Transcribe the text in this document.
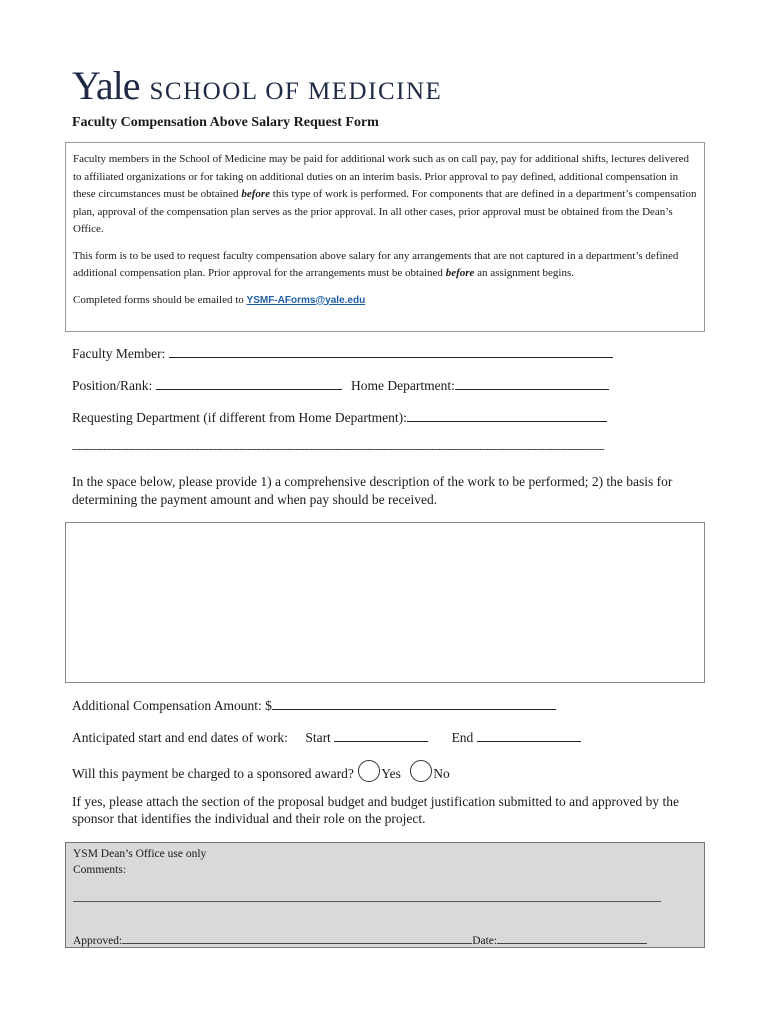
Yale SCHOOL OF MEDICINE
Faculty Compensation Above Salary Request Form

Faculty members in the School of Medicine may be paid for additional work such as on call pay, pay for additional shifts, lectures delivered to affiliated organizations or for taking on additional duties on an interim basis. Prior approval to pay defined, additional compensation in these circumstances must be obtained before this type of work is performed. For components that are defined in a department’s compensation plan, approval of the compensation plan serves as the prior approval. In all other cases, prior approval must be obtained from the Dean’s Office.

This form is to be used to request faculty compensation above salary for any arrangements that are not captured in a department’s defined additional compensation plan. Prior approval for the arrangements must be obtained before an assignment begins.

Completed forms should be emailed to YSMF-AForms@yale.edu

Faculty Member:
Position/Rank:	Home Department:
Requesting Department (if different from Home Department):
--------------------------------------------------------------------------------------------------------------------------------------------------------------------------------------------
In the space below, please provide 1) a comprehensive description of the work to be performed; 2) the basis for determining the payment amount and when pay should be received.
Additional Compensation Amount: $
Anticipated start and end dates of work: Start	End
Will this payment be charged to a sponsored award? Yes No
If yes, please attach the section of the proposal budget and budget justification submitted to and approved by the sponsor that identifies the individual and their role on the project.
YSM Dean’s Office use only
Comments:
Approved:	Date:
